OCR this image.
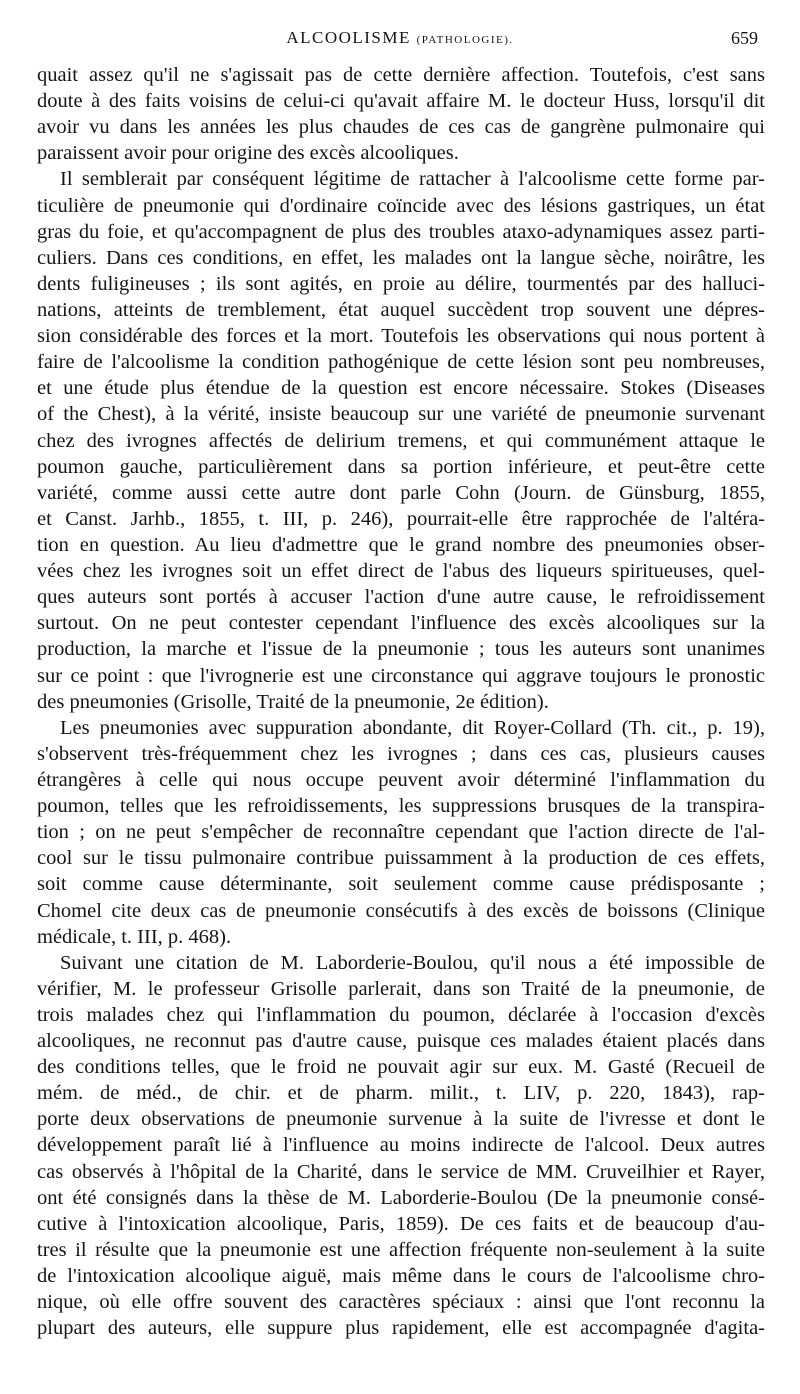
ALCOOLISME (PATHOLOGIE).	659
quait assez qu'il ne s'agissait pas de cette dernière affection. Toutefois, c'est sans
doute à des faits voisins de celui-ci qu'avait affaire M. le docteur Huss, lorsqu'il dit
avoir vu dans les années les plus chaudes de ces cas de gangrène pulmonaire qui
paraissent avoir pour origine des excès alcooliques.
Il semblerait par conséquent légitime de rattacher à l'alcoolisme cette forme par-
ticulière de pneumonie qui d'ordinaire coïncide avec des lésions gastriques, un état
gras du foie, et qu'accompagnent de plus des troubles ataxo-adynamiques assez parti-
culiers. Dans ces conditions, en effet, les malades ont la langue sèche, noirâtre, les
dents fuligineuses ; ils sont agités, en proie au délire, tourmentés par des halluci-
nations, atteints de tremblement, état auquel succèdent trop souvent une dépres-
sion considérable des forces et la mort. Toutefois les observations qui nous portent à
faire de l'alcoolisme la condition pathogénique de cette lésion sont peu nombreuses,
et une étude plus étendue de la question est encore nécessaire. Stokes (Diseases
of the Chest), à la vérité, insiste beaucoup sur une variété de pneumonie survenant
chez des ivrognes affectés de delirium tremens, et qui communément attaque le
poumon gauche, particulièrement dans sa portion inférieure, et peut-être cette
variété, comme aussi cette autre dont parle Cohn (Journ. de Günsburg, 1855,
et Canst. Jarhb., 1855, t. III, p. 246), pourrait-elle être rapprochée de l'altéra-
tion en question. Au lieu d'admettre que le grand nombre des pneumonies obser-
vées chez les ivrognes soit un effet direct de l'abus des liqueurs spiritueuses, quel-
ques auteurs sont portés à accuser l'action d'une autre cause, le refroidissement
surtout. On ne peut contester cependant l'influence des excès alcooliques sur la
production, la marche et l'issue de la pneumonie ; tous les auteurs sont unanimes
sur ce point : que l'ivrognerie est une circonstance qui aggrave toujours le pronostic
des pneumonies (Grisolle, Traité de la pneumonie, 2e édition).
Les pneumonies avec suppuration abondante, dit Royer-Collard (Th. cit., p. 19),
s'observent très-fréquemment chez les ivrognes ; dans ces cas, plusieurs causes
étrangères à celle qui nous occupe peuvent avoir déterminé l'inflammation du
poumon, telles que les refroidissements, les suppressions brusques de la transpira-
tion ; on ne peut s'empêcher de reconnaître cependant que l'action directe de l'al-
cool sur le tissu pulmonaire contribue puissamment à la production de ces effets,
soit comme cause déterminante, soit seulement comme cause prédisposante ;
Chomel cite deux cas de pneumonie consécutifs à des excès de boissons (Clinique
médicale, t. III, p. 468).
Suivant une citation de M. Laborderie-Boulou, qu'il nous a été impossible de
vérifier, M. le professeur Grisolle parlerait, dans son Traité de la pneumonie, de
trois malades chez qui l'inflammation du poumon, déclarée à l'occasion d'excès
alcooliques, ne reconnut pas d'autre cause, puisque ces malades étaient placés dans
des conditions telles, que le froid ne pouvait agir sur eux. M. Gasté (Recueil de
mém. de méd., de chir. et de pharm. milit., t. LIV, p. 220, 1843), rap-
porte deux observations de pneumonie survenue à la suite de l'ivresse et dont le
développement paraît lié à l'influence au moins indirecte de l'alcool. Deux autres
cas observés à l'hôpital de la Charité, dans le service de MM. Cruveilhier et Rayer,
ont été consignés dans la thèse de M. Laborderie-Boulou (De la pneumonie consé-
cutive à l'intoxication alcoolique, Paris, 1859). De ces faits et de beaucoup d'au-
tres il résulte que la pneumonie est une affection fréquente non-seulement à la suite
de l'intoxication alcoolique aiguë, mais même dans le cours de l'alcoolisme chro-
nique, où elle offre souvent des caractères spéciaux : ainsi que l'ont reconnu la
plupart des auteurs, elle suppure plus rapidement, elle est accompagnée d'agita-
